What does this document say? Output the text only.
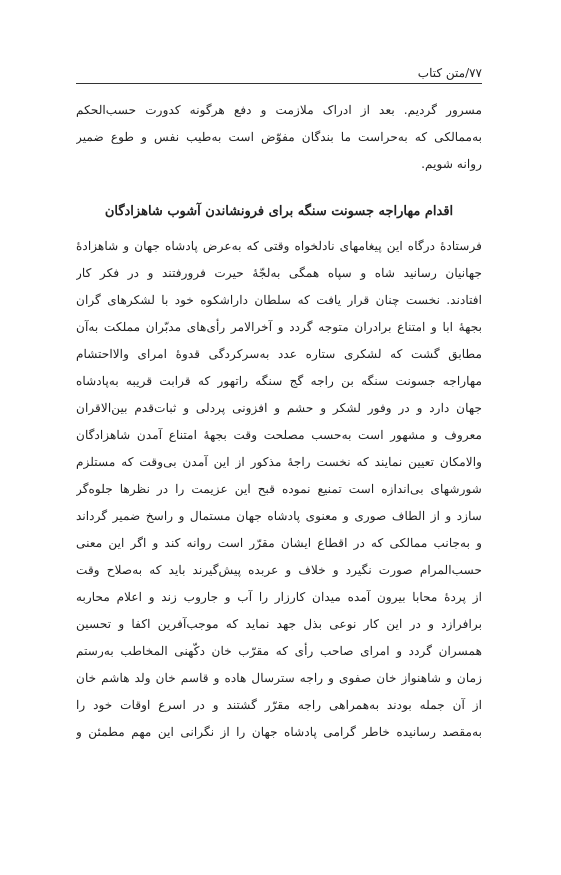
۷۷/متن کتاب
مسرور گردیم. بعد از ادراک ملازمت و دفع هرگونه کدورت حسب‌الحکم
به‌ممالکی که به‌حراست ما بندگان مفوّض است به‌طیب نفس و طوع ضمیر
روانه شویم.
اقدام مهاراجه جسونت سنگه برای فرونشاندن آشوب شاهزادگان
فرستادۀ درگاه این پیغامهای نادلخواه وقتی که به‌عرض پادشاه جهان و شاهزادۀ
جهانیان رسانید شاه و سپاه همگی به‌لجّۀ حیرت فرورفتند و در فکر کار
افتادند. نخست چنان قرار یافت که سلطان داراشکوه خود با لشکرهای گران
بجهۀ ابا و امتناع برادران متوجه گردد و آخرالامر رأی‌های مدبّران مملکت به‌آن
مطابق گشت که لشکری ستاره عدد به‌سرکردگی قدوۀ امرای والااحتشام
مهاراجه جسونت سنگه بن راجه گج سنگه راتهور که قرابت قریبه به‌پادشاه
جهان دارد و در وفور لشکر و حشم و افزونی پردلی و ثبات‌قدم بین‌الاقران
معروف و مشهور است به‌حسب مصلحت وقت بجهۀ امتناع آمدن شاهزادگان
والامکان تعیین نمایند که نخست راجۀ مذکور از این آمدن بی‌وقت که مستلزم
شورشهای بی‌اندازه است تمنیع نموده قبح این عزیمت را در نظرها جلوه‌گر
سازد و از الطاف صوری و معنوی پادشاه جهان مستمال و راسخ ضمیر گرداند
و به‌جانب ممالکی که در اقطاع ایشان مقرّر است روانه کند و اگر این معنی
حسب‌المرام صورت نگیرد و خلاف و عربده پیش‌گیرند باید که به‌صلاح وقت
از پردۀ محابا بیرون آمده میدان کارزار را آب و جاروب زند و اعلام محاربه
برافرازد و در این کار نوعی بذل جهد نماید که موجب‌آفرین اکفا و تحسین
همسران گردد و امرای صاحب رأی که مقرّب خان دکّهنی المخاطب به‌رستم
زمان و شاهنواز خان صفوی و راجه سترسال هاده و قاسم خان ولد هاشم خان
از آن جمله بودند به‌همراهی راجه مقرّر گشتند و در اسرع اوقات خود را
به‌مقصد رسانیده خاطر گرامی پادشاه جهان را از نگرانی این مهم مطمئن و
